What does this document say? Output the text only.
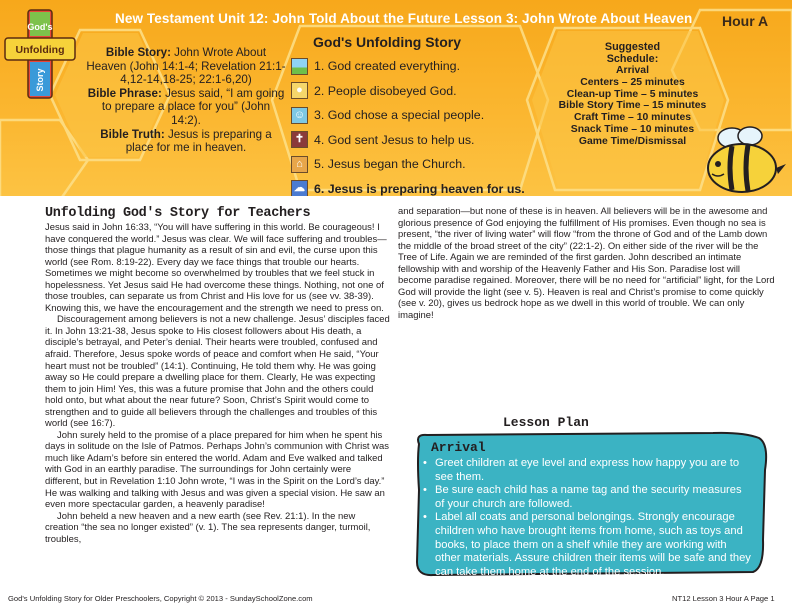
God's
Unfolding
Story
New Testament Unit 12: John Told About the Future Lesson 3: John Wrote About Heaven	Hour A

Bible Story: John Wrote About Heaven (John 14:1-4; Revelation 21:1-4,12-14,18-25; 22:1-6,20)

Bible Phrase: Jesus said, “I am going to prepare a place for you” (John 14:2).

Bible Truth: Jesus is preparing a place for me in heaven.

God's Unfolding Story
1. God created everything.
● 2. People disobeyed God.
☺ 3. God chose a special people.
✝ 4. God sent Jesus to help us.
⌂ 5. Jesus began the Church.
☁ 6. Jesus is preparing heaven for us.
Suggested
Schedule:
Arrival
Centers – 25 minutes
Clean-up Time – 5 minutes
Bible Story Time – 15 minutes
Craft Time – 10 minutes
Snack Time – 10 minutes
Game Time/Dismissal
Unfolding God's Story for Teachers

Jesus said in John 16:33, “You will have suffering in this world. Be courageous! I have conquered the world.” Jesus was clear. We will face suffering and troubles—those things that plague humanity as a result of sin and evil, the curse upon this world (see Rom. 8:19-22). Every day we face things that trouble our hearts. Sometimes we might become so overwhelmed by troubles that we feel stuck in hopelessness. Yet Jesus said He had overcome these things. Nothing, not one of those troubles, can separate us from Christ and His love for us (see vv. 38-39). Knowing this, we have the encouragement and the strength we need to press on.

Discouragement among believers is not a new challenge. Jesus’ disciples faced it. In John 13:21-38, Jesus spoke to His closest followers about His death, a disciple’s betrayal, and Peter’s denial. Their hearts were troubled, confused and afraid. Therefore, Jesus spoke words of peace and comfort when He said, “Your heart must not be troubled” (14:1). Continuing, He told them why. He was going away so He could prepare a dwelling place for them. Clearly, He was expecting them to join Him! Yes, this was a future promise that John and the others could hold onto, but what about the near future? Soon, Christ’s Spirit would come to strengthen and to guide all believers through the challenges and troubles of this world (see 16:7).

John surely held to the promise of a place prepared for him when he spent his days in solitude on the Isle of Patmos. Perhaps John’s communion with Christ was much like Adam’s before sin entered the world. Adam and Eve walked and talked with God in an earthly paradise. The surroundings for John certainly were different, but in Revelation 1:10 John wrote, “I was in the Spirit on the Lord’s day.” He was walking and talking with Jesus and was given a special vision. He saw an even more spectacular garden, a heavenly paradise!

John beheld a new heaven and a new earth (see Rev. 21:1). In the new creation “the sea no longer existed” (v. 1). The sea represents danger, turmoil, troubles,

and separation—but none of these is in heaven. All believers will be in the awesome and glorious presence of God enjoying the fulfillment of His promises. Even though no sea is present, “the river of living water” will flow “from the throne of God and of the Lamb down the middle of the broad street of the city” (22:1-2). On either side of the river will be the Tree of Life. Again we are reminded of the first garden. John described an intimate fellowship with and worship of the Heavenly Father and His Son. Paradise lost will become paradise regained. Moreover, there will be no need for “artificial” light, for the Lord God will provide the light (see v. 5). Heaven is real and Christ’s promise to come quickly (see v. 20), gives us bedrock hope as we dwell in this world of trouble. We can only imagine!

Lesson Plan
Arrival
• Greet children at eye level and express how happy you are to see them.
• Be sure each child has a name tag and the security measures of your church are followed.
• Label all coats and personal belongings. Strongly encourage children who have brought items from home, such as toys and books, to place them on a shelf while they are working with other materials. Assure children their items will be safe and they can take them home at the end of the session.
• Help each child make a choice where he or she would like to begin his or her Center Time.
God's Unfolding Story for Older Preschoolers, Copyright © 2013 - SundaySchoolZone.com	NT12 Lesson 3 Hour A Page 1
